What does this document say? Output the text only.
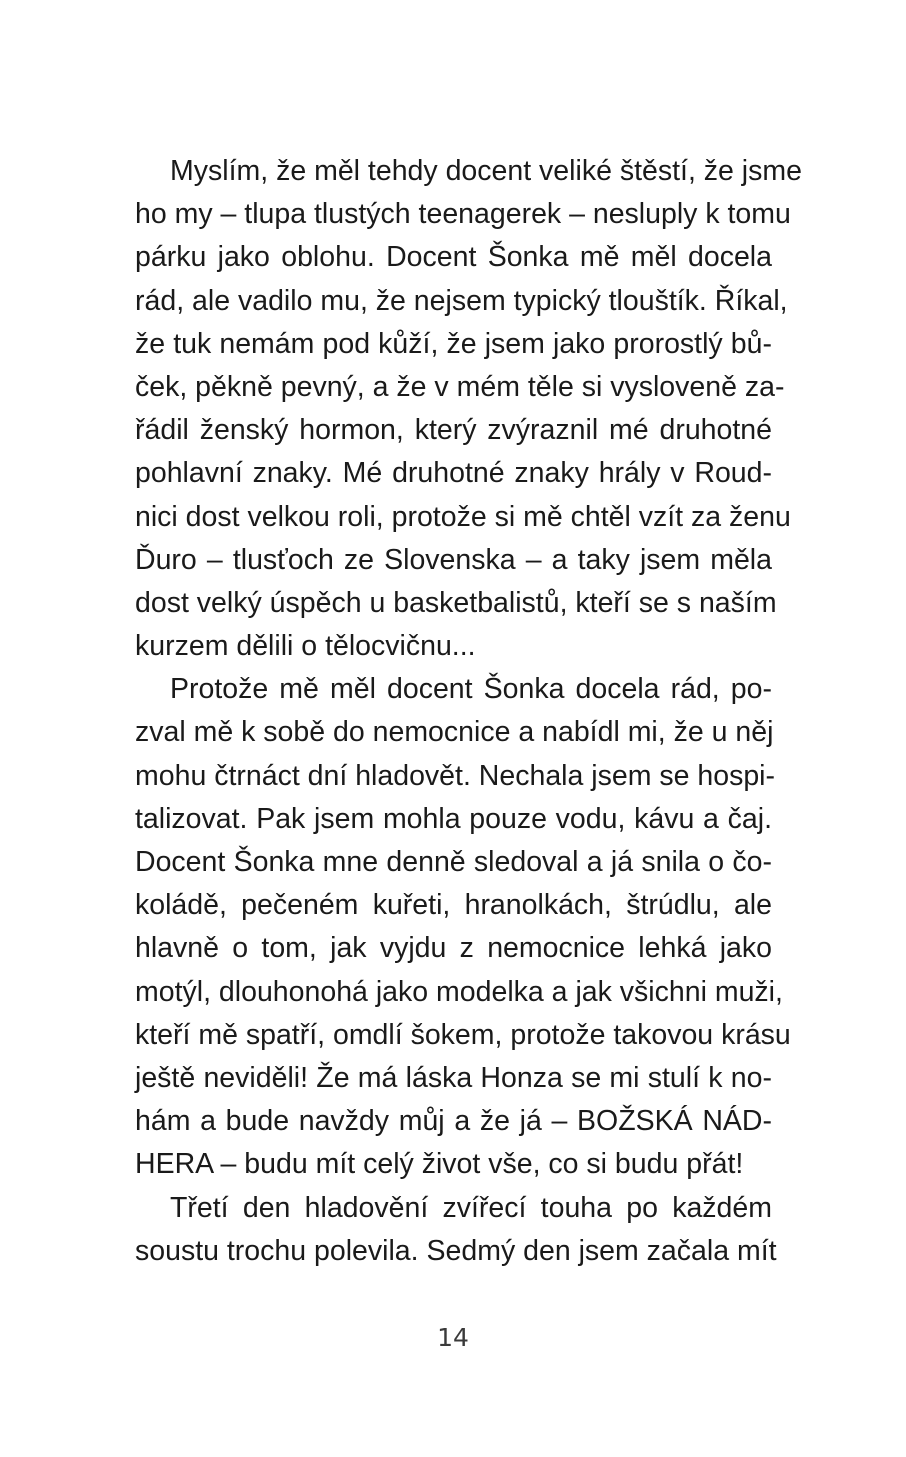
Myslím, že měl tehdy docent veliké štěstí, že jsme
ho my – tlupa tlustých teenagerek – nesluply k tomu
párku jako oblohu. Docent Šonka mě měl docela
rád, ale vadilo mu, že nejsem typický tlouštík. Říkal,
že tuk nemám pod kůží, že jsem jako prorostlý bů-
ček, pěkně pevný, a že v mém těle si vysloveně za-
řádil ženský hormon, který zvýraznil mé druhotné
pohlavní znaky. Mé druhotné znaky hrály v Roud-
nici dost velkou roli, protože si mě chtěl vzít za ženu
Ďuro – tlusťoch ze Slovenska – a taky jsem měla
dost velký úspěch u basketbalistů, kteří se s naším
kurzem dělili o tělocvičnu...
Protože mě měl docent Šonka docela rád, po-
zval mě k sobě do nemocnice a nabídl mi, že u něj
mohu čtrnáct dní hladovět. Nechala jsem se hospi-
talizovat. Pak jsem mohla pouze vodu, kávu a čaj.
Docent Šonka mne denně sledoval a já snila o čo-
koládě, pečeném kuřeti, hranolkách, štrúdlu, ale
hlavně o tom, jak vyjdu z nemocnice lehká jako
motýl, dlouhonohá jako modelka a jak všichni muži,
kteří mě spatří, omdlí šokem, protože takovou krásu
ještě neviděli! Že má láska Honza se mi stulí k no-
hám a bude navždy můj a že já – BOŽSKÁ NÁD-
HERA – budu mít celý život vše, co si budu přát!
Třetí den hladovění zvířecí touha po každém
soustu trochu polevila. Sedmý den jsem začala mít
14
